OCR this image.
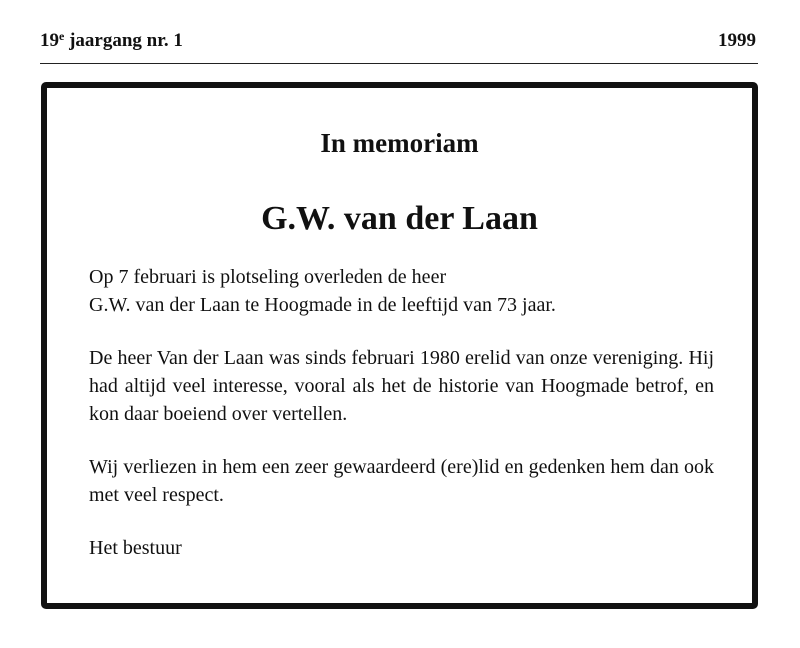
19e jaargang nr. 1	1999
In memoriam
G.W. van der Laan

Op 7 februari is plotseling overleden de heer
G.W. van der Laan te Hoogmade in de leeftijd van 73 jaar.

De heer Van der Laan was sinds februari 1980 erelid van onze vereniging. Hij had altijd veel interesse, vooral als het de historie van Hoogmade betrof, en kon daar boeiend over vertellen.

Wij verliezen in hem een zeer gewaardeerd (ere)lid en gedenken hem dan ook met veel respect.

Het bestuur
